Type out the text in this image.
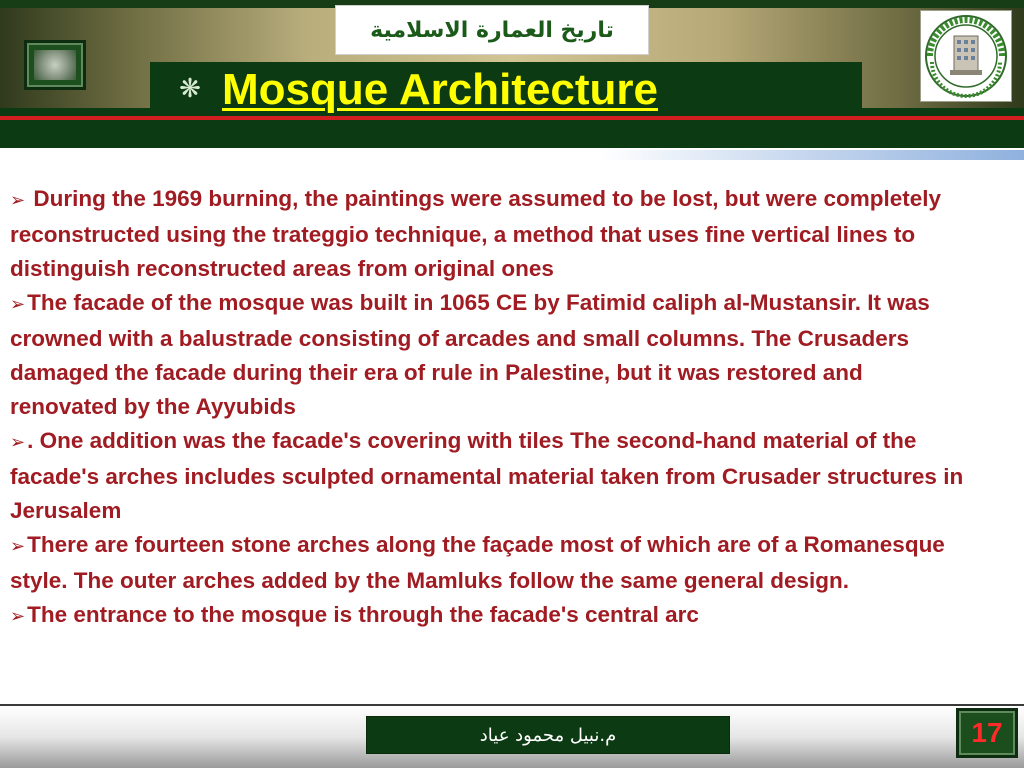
تاريخ العمارة الاسلامية
❋ Mosque Architecture

➢ During the 1969 burning, the paintings were assumed to be lost, but were completely reconstructed using the trateggio technique, a method that uses fine vertical lines to distinguish reconstructed areas from original ones

➢The facade of the mosque was built in 1065 CE by Fatimid caliph al-Mustansir. It was crowned with a balustrade consisting of arcades and small columns. The Crusaders damaged the facade during their era of rule in Palestine, but it was restored and renovated by the Ayyubids

➢. One addition was the facade's covering with tiles The second-hand material of the facade's arches includes sculpted ornamental material taken from Crusader structures in Jerusalem

➢There are fourteen stone arches along the façade most of which are of a Romanesque style. The outer arches added by the Mamluks follow the same general design.

➢The entrance to the mosque is through the facade's central arc

م.نبيل محمود عياد	17
